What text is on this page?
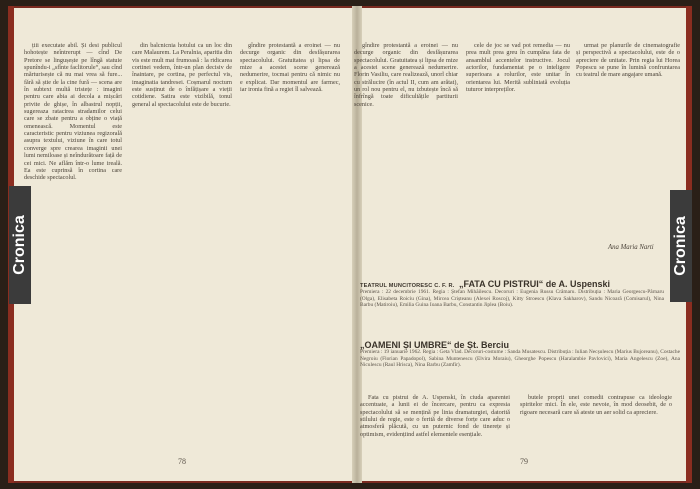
țiii executate abil. Și desi publicul hohotește neîntrerupt — cînd De Pretore se lingușește pe lîngă statuie spunîndu-i „sfînte faclitorule“, sau cînd mărturisește că nu mai vrea să fure... fără să știe de la cine fură — scena are în subtext multă tristețe : imagini pentru care abia ai decola a mișcări privite de ghișe, în albastrul nopții, sugereaza ratacirea stradamilor celui care se zbate pentru a obține o viață omenească. Momentul este caracteristic pentru viziunea regizorală asupra textului, viziune în care totul converge spre crearea imaginii unei lumi nemiloase și neîndurătoare față de cei mici. Ne aflăm într-o lume ireală. Ea este cuprinsă în cortina care deschide spectacolul.

din balcnicnia hotului ca un loc din care Malaurem. La Peralnia, aparitia din vis este mult mai frumoasă : la ridicarea cortinei vedem, într-un plan decisiv de înaintare, pe cortina, pe perfectul vis, imaginatia tandresei. Coșmarul nocturn este susținut de o înfățișare a vieții cotidiene. Satira este vizibilă, tonul general al spectacolului este de bucurie.

gîndire protestantă a eroinei — nu decurge organic din desfășurarea spectacolului. Gratuitatea și lipsa de mize a acestei scene generează nedumerire, tocmai pentru că nimic nu e explicat. Dar momentul are farmec, iar ironia fină a regiei îl salvează.

Cronica
78

gîndire protestantă a eroinei — nu decurge organic din desfășurarea spectacolului. Gratuitatea și lipsa de mize a acestei scene generează nedumerire. Florin Vasiliu, care realizează, unorl chiar cu strălucire (în actul II, cum am arătat), un rol nou pentru el, nu izbutește încă să înfrîngă toate dificultățile partiturii scenice.

cele de joc se vad pot remedia — nu prea mult prea greu în cumpăna fata de ansamblul accentelor instructive. Jocul actorilor, fundamentat pe o inteligere superioara a rolurilor, este unitar în orientarea lui. Merită subliniată evoluția tuturor interpreților.

urmat pe planurile de cinematografie și perspectivă a spectacolului, este de o apreciere de unitate. Prin regia lui Horea Popescu se pune în lumină confruntarea cu teatrul de mare angajare umană.

Ana Maria Narti Cronica
TEATRUL MUNCITORESC C. F. R. „FATA CU PISTRUI“ de A. Uspenski
Premiera : 22 decembrie 1961. Regia : Ștefan Mihăilescu. Decoruri : Eugenia Russu Crâmaru. Distribuția : Maria Georgescu-Pârnaru (Olga), Elisabeta Roiciu (Gina), Mircea Crișteanu (Alexei Roscoj), Kitty Stroescu (Klava Sakharov), Sandu Nicoară (Comisarul), Nina Barbu (Matiroiu), Emilia Guina Ioana Barbu, Constantin Jiplea (Boiu).
„OAMENI ȘI UMBRE“ de Șt. Berciu
Premiera : 19 ianuarie 1962. Regia : Geta Vlad. Decoruri-costume : Sanda Musatescu. Distribuția : Iulian Necșulescu (Marius Bujoreanu), Costache Negroiu (Florian Papadopol), Sabina Muntenescu (Elvira Moraiu), Gheorghe Popescu (Haralambie Pavlovici), Maria Angelescu (Zoe), Ana Niculescu (Raul Hrisca), Nina Barbu (Zamfir).

Fata cu pistrui de A. Uspenski, în ciuda aparentei accentuate, a lunii ei de încercare, pentru ca expresia spectacolului să se mențină pe linia dramaturgiei, datorită stilului de regie, este o ferită de diverse forțe care aduc o atmosferă plăcută, cu un puternic fond de tinerețe și optimism, evidențiind astfel elementele esențiale.

butele proprii unei comedii contrapuse ca ideologie spiritelor mici. În ele, este nevoie, în mod deosebit, de o rigoare necesară care să ateste un aer solid ca apreciere.

79
